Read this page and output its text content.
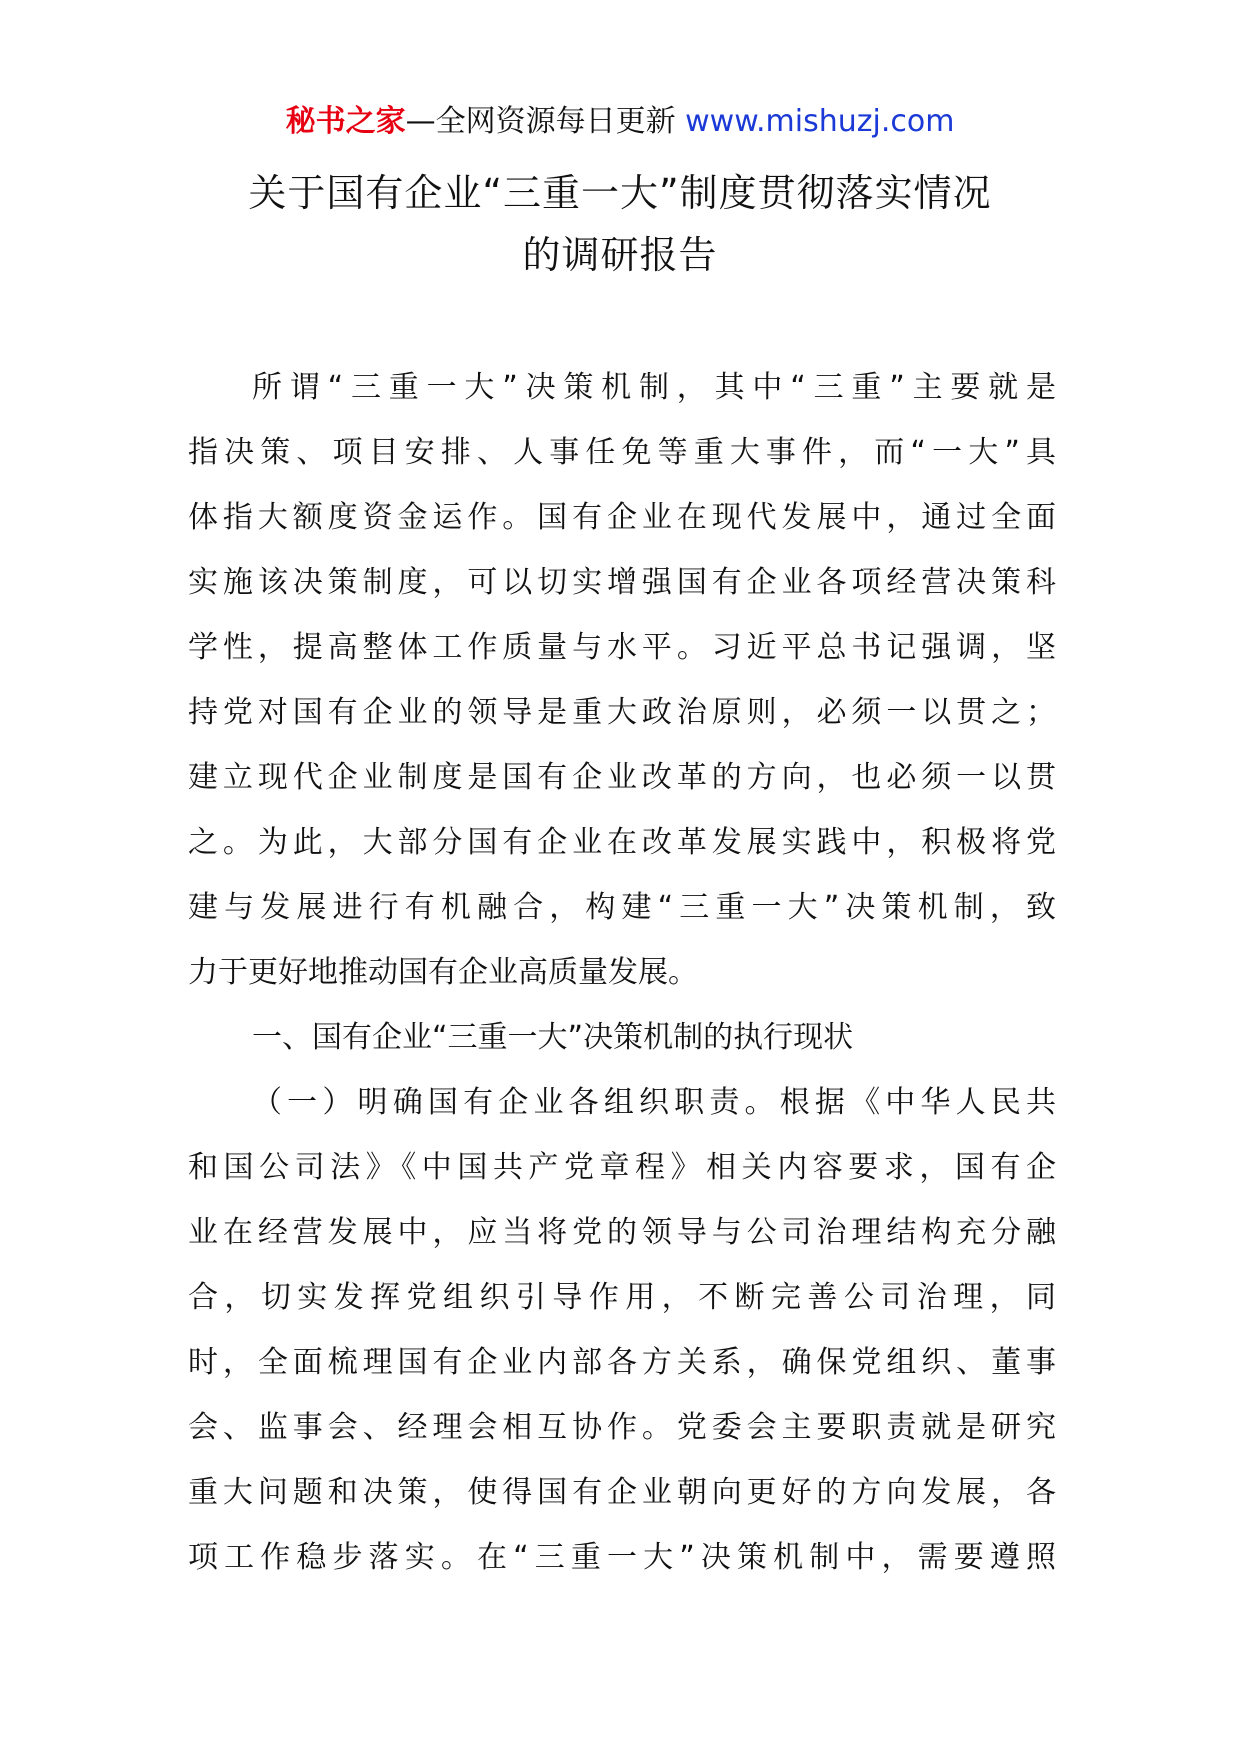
秘书之家—全网资源每日更新 www.mishuzj.com
关于国有企业“三重一大”制度贯彻落实情况
的调研报告
所谓“三重一大”决策机制，其中“三重”主要就是
指决策、项目安排、人事任免等重大事件，而“一大”具
体指大额度资金运作。国有企业在现代发展中，通过全面
实施该决策制度，可以切实增强国有企业各项经营决策科
学性，提高整体工作质量与水平。习近平总书记强调，坚
持党对国有企业的领导是重大政治原则，必须一以贯之；
建立现代企业制度是国有企业改革的方向，也必须一以贯
之。为此，大部分国有企业在改革发展实践中，积极将党
建与发展进行有机融合，构建“三重一大”决策机制，致
力于更好地推动国有企业高质量发展。
一、国有企业“三重一大”决策机制的执行现状
（一）明确国有企业各组织职责。根据《中华人民共
和国公司法》《中国共产党章程》相关内容要求，国有企
业在经营发展中，应当将党的领导与公司治理结构充分融
合，切实发挥党组织引导作用，不断完善公司治理，同
时，全面梳理国有企业内部各方关系，确保党组织、董事
会、监事会、经理会相互协作。党委会主要职责就是研究
重大问题和决策，使得国有企业朝向更好的方向发展，各
项工作稳步落实。在“三重一大”决策机制中，需要遵照
